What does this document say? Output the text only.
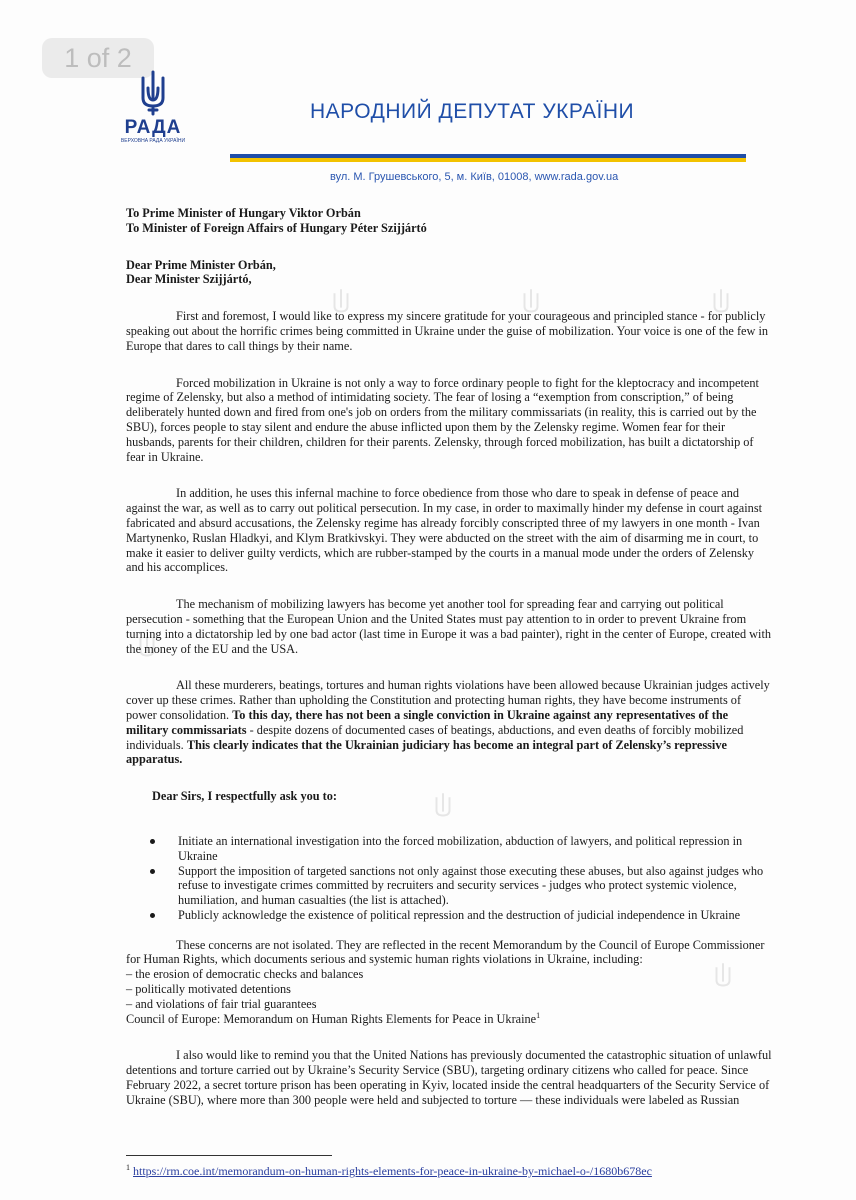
1 of 2
РАДА
ВЕРХОВНА РАДА УКРАЇНИ
НАРОДНИЙ ДЕПУТАТ УКРАЇНИ
вул. М. Грушевського, 5, м. Київ, 01008, www.rada.gov.ua

To Prime Minister of Hungary Viktor Orbán

To Minister of Foreign Affairs of Hungary Péter Szijjártó

Dear Prime Minister Orbán,

Dear Minister Szijjártó,

First and foremost, I would like to express my sincere gratitude for your courageous and principled stance - for publicly speaking out about the horrific crimes being committed in Ukraine under the guise of mobilization. Your voice is one of the few in Europe that dares to call things by their name.

Forced mobilization in Ukraine is not only a way to force ordinary people to fight for the kleptocracy and incompetent regime of Zelensky, but also a method of intimidating society. The fear of losing a “exemption from conscription,” of being deliberately hunted down and fired from one's job on orders from the military commissariats (in reality, this is carried out by the SBU), forces people to stay silent and endure the abuse inflicted upon them by the Zelensky regime. Women fear for their husbands, parents for their children, children for their parents. Zelensky, through forced mobilization, has built a dictatorship of fear in Ukraine.

In addition, he uses this infernal machine to force obedience from those who dare to speak in defense of peace and against the war, as well as to carry out political persecution. In my case, in order to maximally hinder my defense in court against fabricated and absurd accusations, the Zelensky regime has already forcibly conscripted three of my lawyers in one month - Ivan Martynenko, Ruslan Hladkyi, and Klym Bratkivskyi. They were abducted on the street with the aim of disarming me in court, to make it easier to deliver guilty verdicts, which are rubber-stamped by the courts in a manual mode under the orders of Zelensky and his accomplices.

The mechanism of mobilizing lawyers has become yet another tool for spreading fear and carrying out political persecution - something that the European Union and the United States must pay attention to in order to prevent Ukraine from turning into a dictatorship led by one bad actor (last time in Europe it was a bad painter), right in the center of Europe, created with the money of the EU and the USA.

All these murderers, beatings, tortures and human rights violations have been allowed because Ukrainian judges actively cover up these crimes. Rather than upholding the Constitution and protecting human rights, they have become instruments of power consolidation. To this day, there has not been a single conviction in Ukraine against any representatives of the military commissariats - despite dozens of documented cases of beatings, abductions, and even deaths of forcibly mobilized individuals. This clearly indicates that the Ukrainian judiciary has become an integral part of Zelensky’s repressive apparatus.

Dear Sirs, I respectfully ask you to:

Initiate an international investigation into the forced mobilization, abduction of lawyers, and political repression in Ukraine
Support the imposition of targeted sanctions not only against those executing these abuses, but also against judges who refuse to investigate crimes committed by recruiters and security services - judges who protect systemic violence, humiliation, and human casualties (the list is attached).
Publicly acknowledge the existence of political repression and the destruction of judicial independence in Ukraine

These concerns are not isolated. They are reflected in the recent Memorandum by the Council of Europe Commissioner for Human Rights, which documents serious and systemic human rights violations in Ukraine, including:

– the erosion of democratic checks and balances

– politically motivated detentions

– and violations of fair trial guarantees

Council of Europe: Memorandum on Human Rights Elements for Peace in Ukraine$^1$

I also would like to remind you that the United Nations has previously documented the catastrophic situation of unlawful detentions and torture carried out by Ukraine’s Security Service (SBU), targeting ordinary citizens who called for peace. Since February 2022, a secret torture prison has been operating in Kyiv, located inside the central headquarters of the Security Service of Ukraine (SBU), where more than 300 people were held and subjected to torture — these individuals were labeled as Russian

$^1$ https://rm.coe.int/memorandum-on-human-rights-elements-for-peace-in-ukraine-by-michael-o-/1680b678ec
